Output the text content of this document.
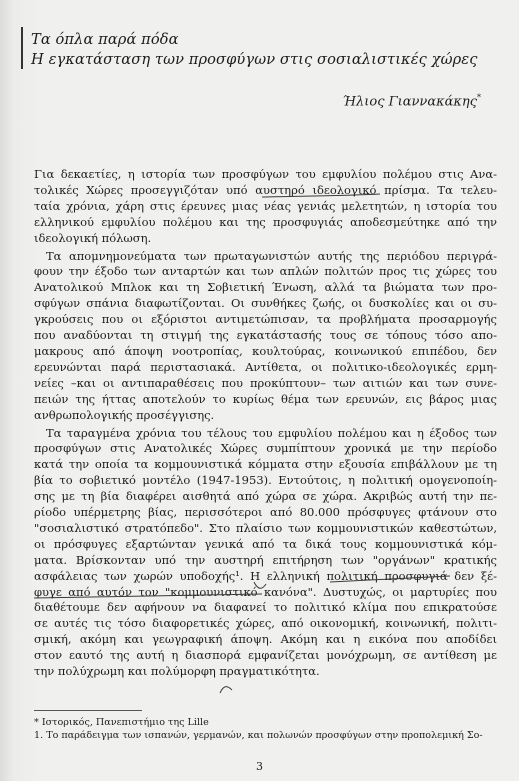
Τα όπλα παρά πόδα
Η εγκατάσταση των προσφύγων στις σοσιαλιστικές χώρες
Ήλιος Γιαννακάκης*

Για δεκαετίες, η ιστορία των προσφύγων του εμφυλίου πολέμου στις Ανα-
τολικές Χώρες προσεγγιζόταν υπό αυστηρό ιδεολογικό πρίσμα. Τα τελευ-
ταία χρόνια, χάρη στις έρευνες μιας νέας γενιάς μελετητών, η ιστορία του
ελληνικού εμφυλίου πολέμου και της προσφυγιάς αποδεσμεύτηκε από την
ιδεολογική πόλωση.

Τα απομνημονεύματα των πρωταγωνιστών αυτής της περιόδου περιγρά-
φουν την έξοδο των ανταρτών και των απλών πολιτών προς τις χώρες του
Ανατολικού Μπλοκ και τη Σοβιετική Ένωση, αλλά τα βιώματα των προ-
σφύγων σπάνια διαφωτίζονται. Οι συνθήκες ζωής, οι δυσκολίες και οι συ-
γκρούσεις που οι εξόριστοι αντιμετώπισαν, τα προβλήματα προσαρμογής
που αναδύονται τη στιγμή της εγκατάστασής τους σε τόπους τόσο απο-
μακρους από άποψη νοοτροπίας, κουλτούρας, κοινωνικού επιπέδου, δεν
ερευνώνται παρά περιστασιακά. Αντίθετα, οι πολιτικο-ιδεολογικές ερμη-
νείες –και οι αντιπαραθέσεις που προκύπτουν– των αιτιών και των συνε-
πειών της ήττας αποτελούν το κυρίως θέμα των ερευνών, εις βάρος μιας
ανθρωπολογικής προσέγγισης.

Τα ταραγμένα χρόνια του τέλους του εμφυλίου πολέμου και η έξοδος των
προσφύγων στις Ανατολικές Χώρες συμπίπτουν χρονικά με την περίοδο
κατά την οποία τα κομμουνιστικά κόμματα στην εξουσία επιβάλλουν με τη
βία το σοβιετικό μοντέλο (1947-1953). Εντούτοις, η πολιτική ομογενοποίη-
σης με τη βία διαφέρει αισθητά από χώρα σε χώρα. Ακριβώς αυτή την πε-
ρίοδο υπέρμετρης βίας, περισσότεροι από 80.000 πρόσφυγες φτάνουν στο
"σοσιαλιστικό στρατόπεδο". Στο πλαίσιο των κομμουνιστικών καθεστώτων,
οι πρόσφυγες εξαρτώνταν γενικά από τα δικά τους κομμουνιστικά κόμ-
ματα. Βρίσκονταν υπό την αυστηρή επιτήρηση των "οργάνων" κρατικής
ασφάλειας των χωρών υποδοχής¹. Η ελληνική πολιτική προσφυγιά δεν ξέ-
φυγε από αυτόν τον "κομμουνιστικό κανόνα". Δυστυχώς, οι μαρτυρίες που
διαθέτουμε δεν αφήνουν να διαφανεί το πολιτικό κλίμα που επικρατούσε
σε αυτές τις τόσο διαφορετικές χώρες, από οικονομική, κοινωνική, πολιτι-
σμική, ακόμη και γεωγραφική άποψη. Ακόμη και η εικόνα που αποδίδει
στον εαυτό της αυτή η διασπορά εμφανίζεται μονόχρωμη, σε αντίθεση με
την πολύχρωμη και πολύμορφη πραγματικότητα.

* Ιστορικός, Πανεπιστήμιο της Lille
1. Το παράδειγμα των ισπανών, γερμανών, και πολωνών προσφύγων στην προπολεμική Σο-
3
